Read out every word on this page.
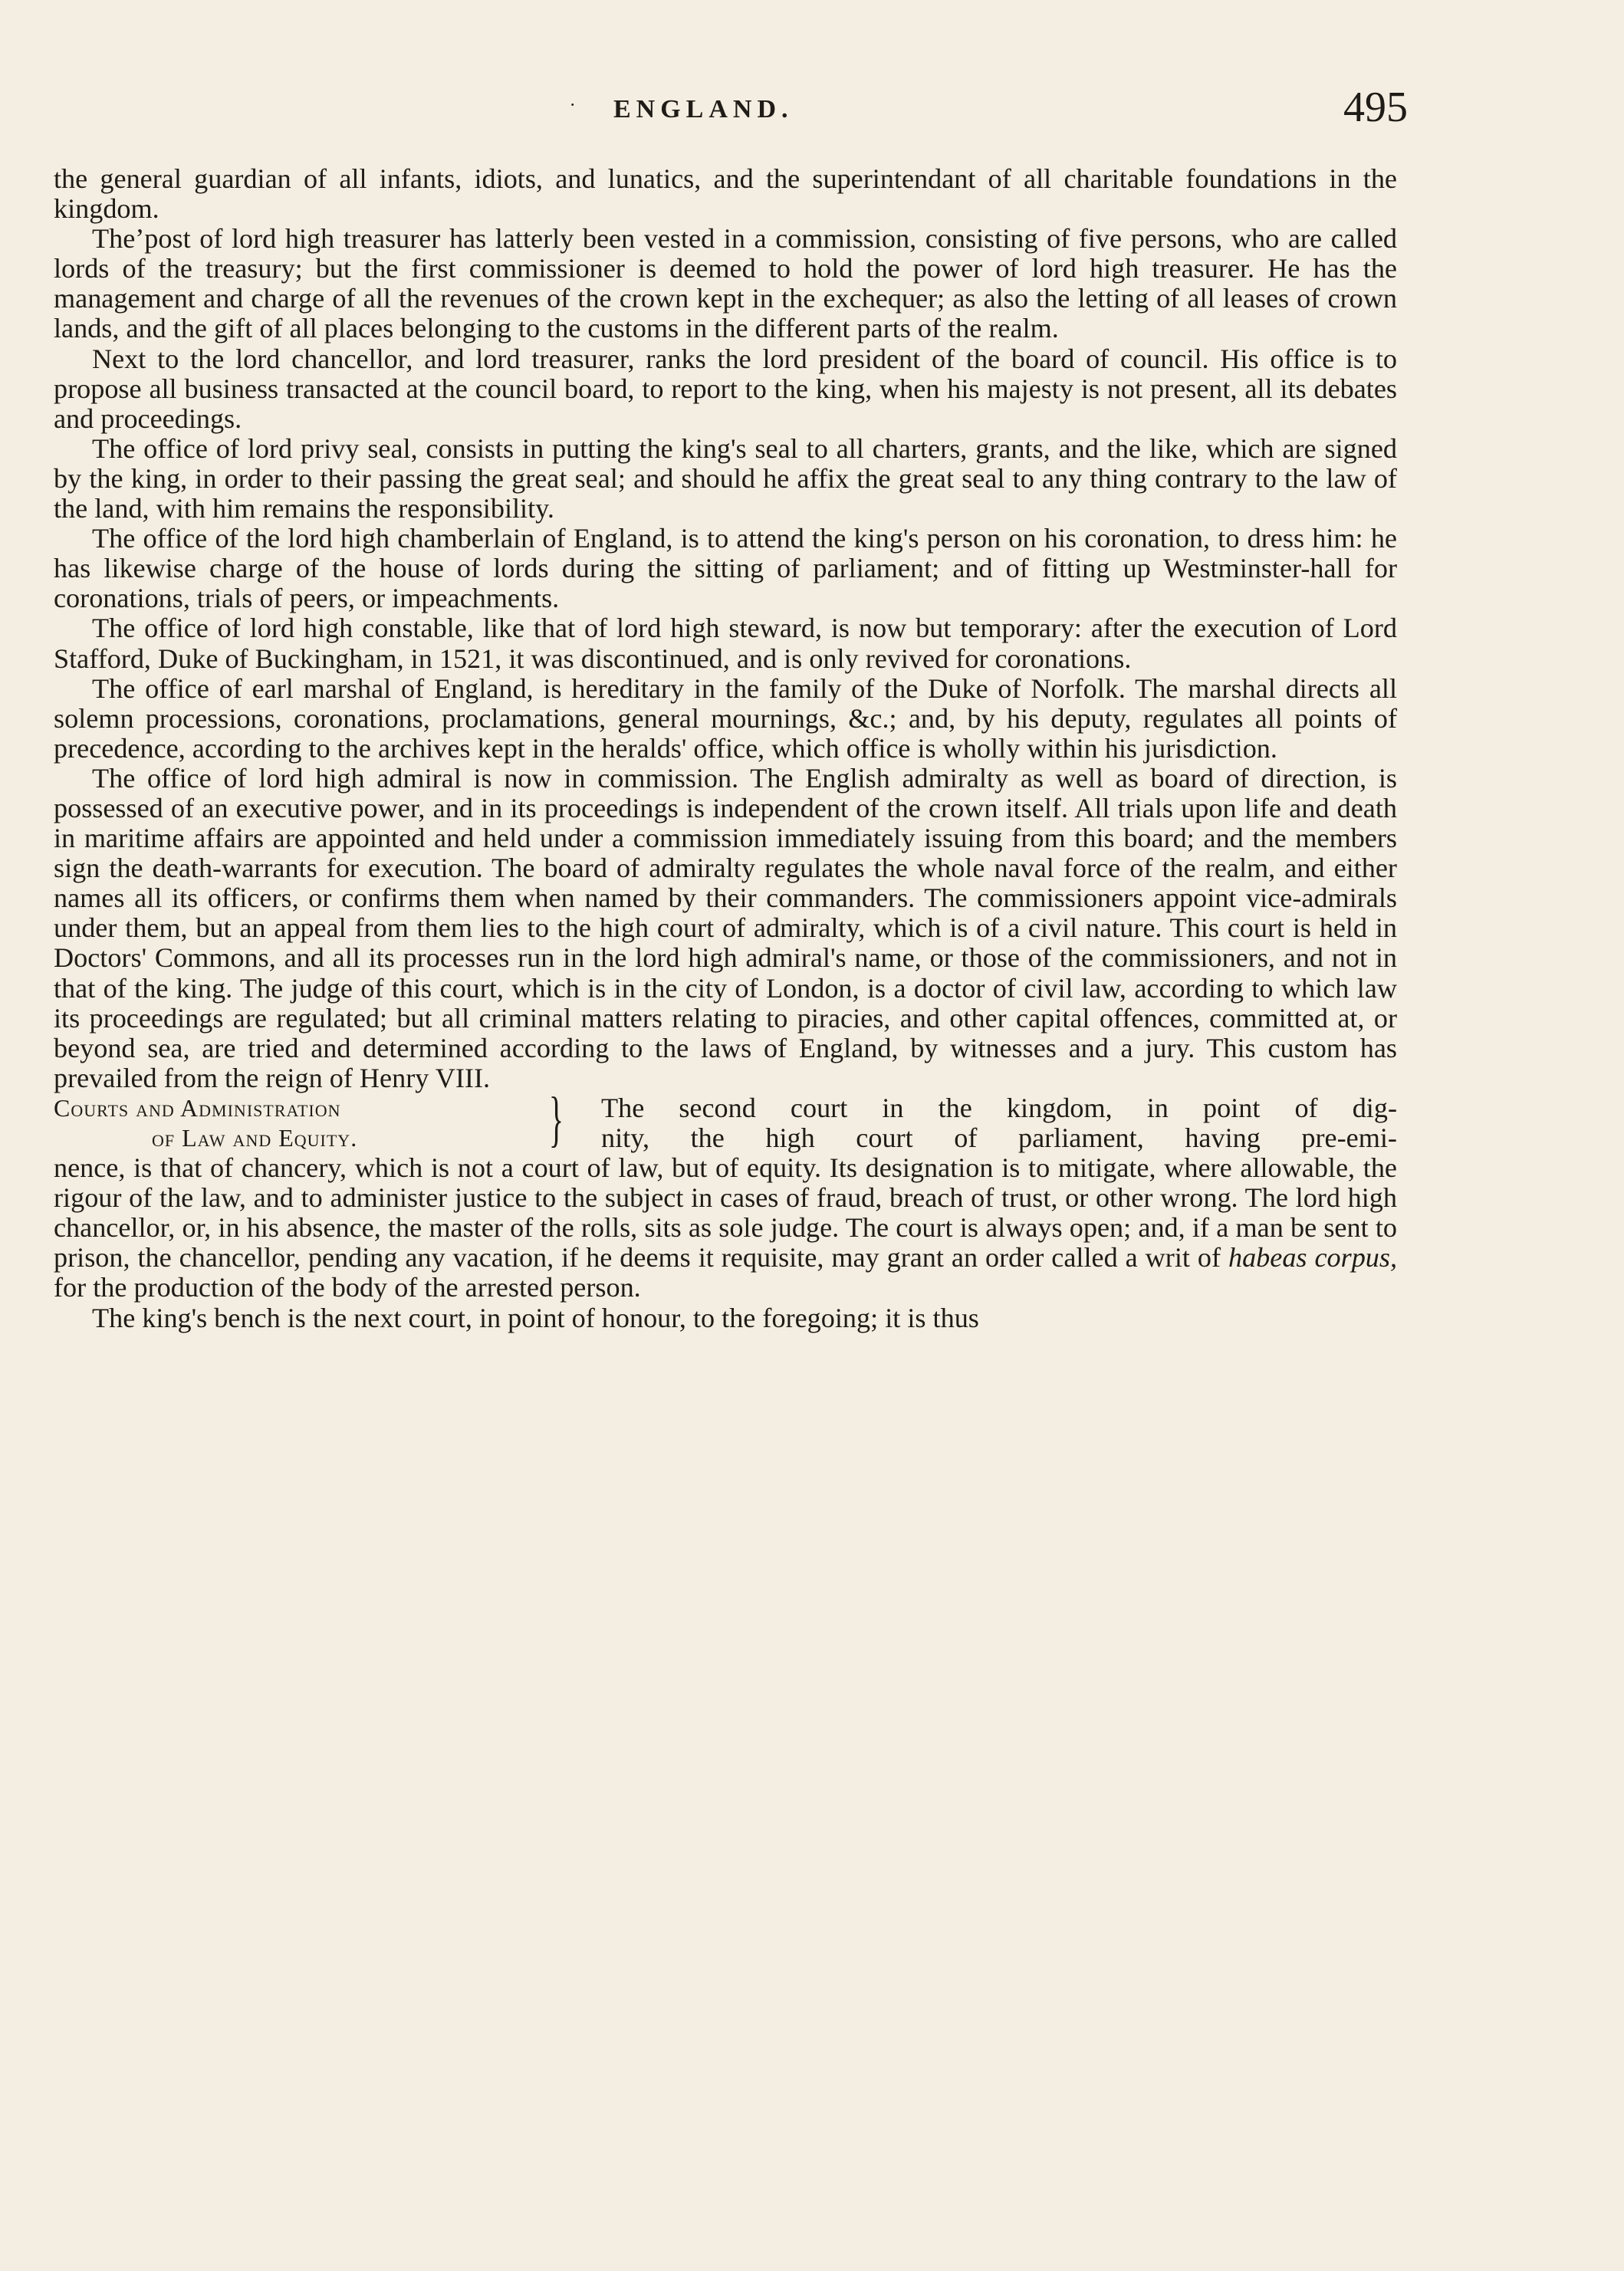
˙ ENGLAND.	495

the general guardian of all infants, idiots, and lunatics, and the superintendant of all charitable foundations in the kingdom.

Theʼpost of lord high treasurer has latterly been vested in a commission, consisting of five persons, who are called lords of the treasury; but the first commissioner is deemed to hold the power of lord high treasurer. He has the management and charge of all the revenues of the crown kept in the exchequer; as also the letting of all leases of crown lands, and the gift of all places belonging to the customs in the different parts of the realm.

Next to the lord chancellor, and lord treasurer, ranks the lord president of the board of council. His office is to propose all business transacted at the council board, to report to the king, when his majesty is not present, all its debates and proceedings.

The office of lord privy seal, consists in putting the king's seal to all charters, grants, and the like, which are signed by the king, in order to their passing the great seal; and should he affix the great seal to any thing contrary to the law of the land, with him remains the responsibility.

The office of the lord high chamberlain of England, is to attend the king's person on his coronation, to dress him: he has likewise charge of the house of lords during the sitting of parliament; and of fitting up Westminster-hall for coronations, trials of peers, or impeachments.

The office of lord high constable, like that of lord high steward, is now but temporary: after the execution of Lord Stafford, Duke of Buckingham, in 1521, it was discontinued, and is only revived for coronations.

The office of earl marshal of England, is hereditary in the family of the Duke of Norfolk. The marshal directs all solemn processions, coronations, proclamations, general mournings, &c.; and, by his deputy, regulates all points of precedence, according to the archives kept in the heralds' office, which office is wholly within his jurisdiction.

The office of lord high admiral is now in commission. The English admiralty as well as board of direction, is possessed of an executive power, and in its proceedings is independent of the crown itself. All trials upon life and death in maritime affairs are appointed and held under a commission immediately issuing from this board; and the members sign the death-warrants for execution. The board of admiralty regulates the whole naval force of the realm, and either names all its officers, or confirms them when named by their commanders. The commissioners appoint vice-admirals under them, but an appeal from them lies to the high court of admiralty, which is of a civil nature. This court is held in Doctors' Commons, and all its processes run in the lord high admiral's name, or those of the commissioners, and not in that of the king. The judge of this court, which is in the city of London, is a doctor of civil law, according to which law its proceedings are regulated; but all criminal matters relating to piracies, and other capital offences, committed at, or beyond sea, are tried and determined according to the laws of England, by witnesses and a jury. This custom has prevailed from the reign of Henry VIII.

Courts and Administration
of Law and Equity.	} The second court in the kingdom, in point of dig-
nity, the high court of parliament, having pre-emi-

nence, is that of chancery, which is not a court of law, but of equity. Its designation is to mitigate, where allowable, the rigour of the law, and to administer justice to the subject in cases of fraud, breach of trust, or other wrong. The lord high chancellor, or, in his absence, the master of the rolls, sits as sole judge. The court is always open; and, if a man be sent to prison, the chancellor, pending any vacation, if he deems it requisite, may grant an order called a writ of habeas corpus, for the production of the body of the arrested person.

The king's bench is the next court, in point of honour, to the foregoing; it is thus
